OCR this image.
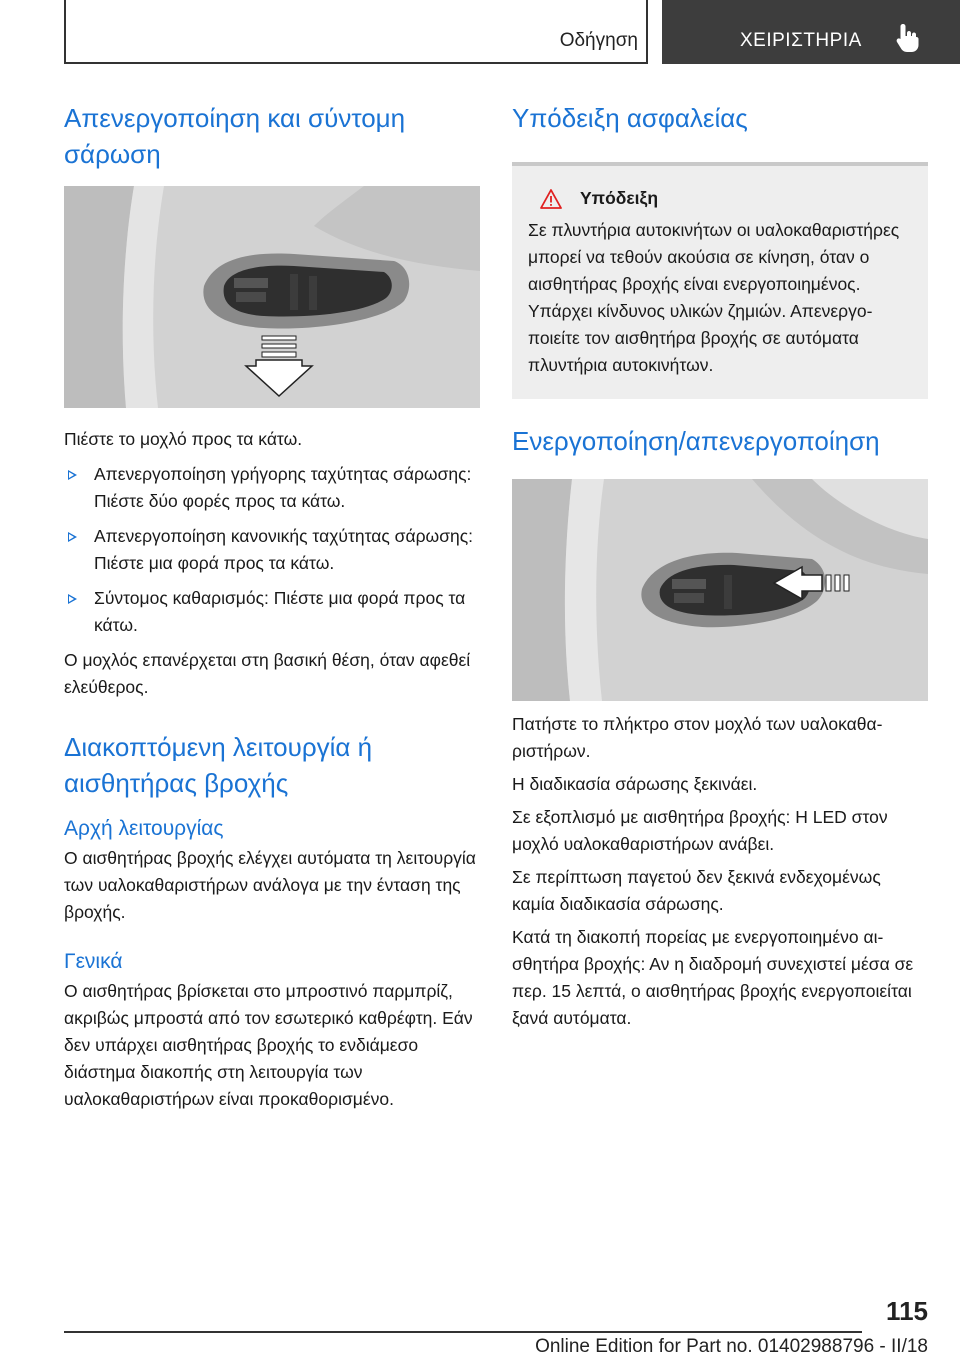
Οδήγηση	ΧΕΙΡΙΣΤΗΡΙΑ
Απενεργοποίηση και σύντομη σάρωση

Πιέστε το μοχλό προς τα κάτω.

Απενεργοποίηση γρήγορης ταχύτητας σάρωσης: Πιέστε δύο φορές προς τα κάτω.
Απενεργοποίηση κανονικής ταχύτητας σάρωσης: Πιέστε μια φορά προς τα κάτω.
Σύντομος καθαρισμός: Πιέστε μια φορά προς τα κάτω.

Ο μοχλός επανέρχεται στη βασική θέση, όταν αφεθεί ελεύθερος.

Διακοπτόμενη λειτουργία ή αισθητήρας βροχής
Αρχή λειτουργίας

Ο αισθητήρας βροχής ελέγχει αυτόματα τη λειτουργία των υαλοκαθαριστήρων ανάλογα με την ένταση της βροχής.

Γενικά

Ο αισθητήρας βρίσκεται στο μπροστινό παρμπρίζ, ακριβώς μπροστά από τον εσωτερικό καθρέφτη. Εάν δεν υπάρχει αισθητήρας βροχής το ενδιάμεσο διάστημα διακοπής στη λειτουργία των υαλοκαθαριστήρων είναι προκαθορισμένο.

Υπόδειξη ασφαλείας
Υπόδειξη

Σε πλυντήρια αυτοκινήτων οι υαλοκαθαριστήρες μπορεί να τεθούν ακούσια σε κίνηση, όταν ο αισθητήρας βροχής είναι ενεργοποιημένος. Υπάρχει κίνδυνος υλικών ζημιών. Απενεργοποιείτε τον αισθητήρα βροχής σε αυτόματα πλυντήρια αυτοκινήτων.

Ενεργοποίηση/απενεργοποίηση

Πατήστε το πλήκτρο στον μοχλό των υαλοκαθαριστήρων.

Η διαδικασία σάρωσης ξεκινάει.

Σε εξοπλισμό με αισθητήρα βροχής: Η LED στον μοχλό υαλοκαθαριστήρων ανάβει.

Σε περίπτωση παγετού δεν ξεκινά ενδεχομένως καμία διαδικασία σάρωσης.

Κατά τη διακοπή πορείας με ενεργοποιημένο αισθητήρα βροχής: Αν η διαδρομή συνεχιστεί μέσα σε περ. 15 λεπτά, ο αισθητήρας βροχής ενεργοποιείται ξανά αυτόματα.

115
Online Edition for Part no. 01402988796 - II/18
